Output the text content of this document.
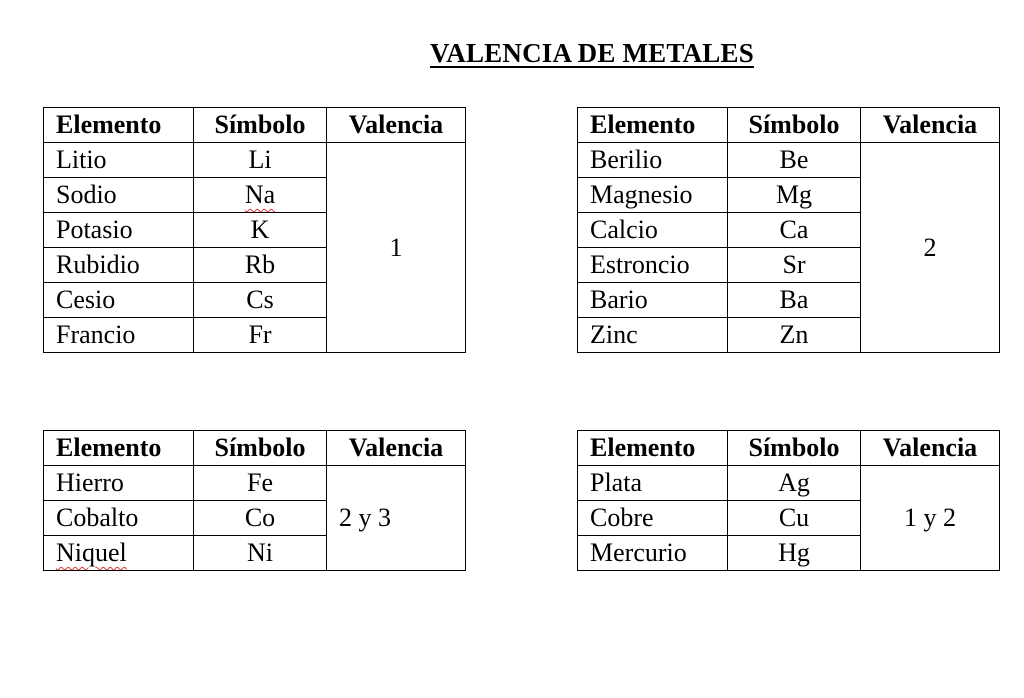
VALENCIA DE METALES
Elemento	Símbolo	Valencia
Litio	Li	1
Sodio	Na	
Potasio	K	
Rubidio	Rb	
Cesio	Cs	
Francio	Fr	
Elemento	Símbolo	Valencia
Berilio	Be	2
Magnesio	Mg	
Calcio	Ca	
Estroncio	Sr	
Bario	Ba	
Zinc	Zn	
Elemento	Símbolo	Valencia
Hierro	Fe	2 y 3
Cobalto	Co	
Niquel	Ni	
Elemento	Símbolo	Valencia
Plata	Ag	1 y 2
Cobre	Cu	
Mercurio	Hg	
